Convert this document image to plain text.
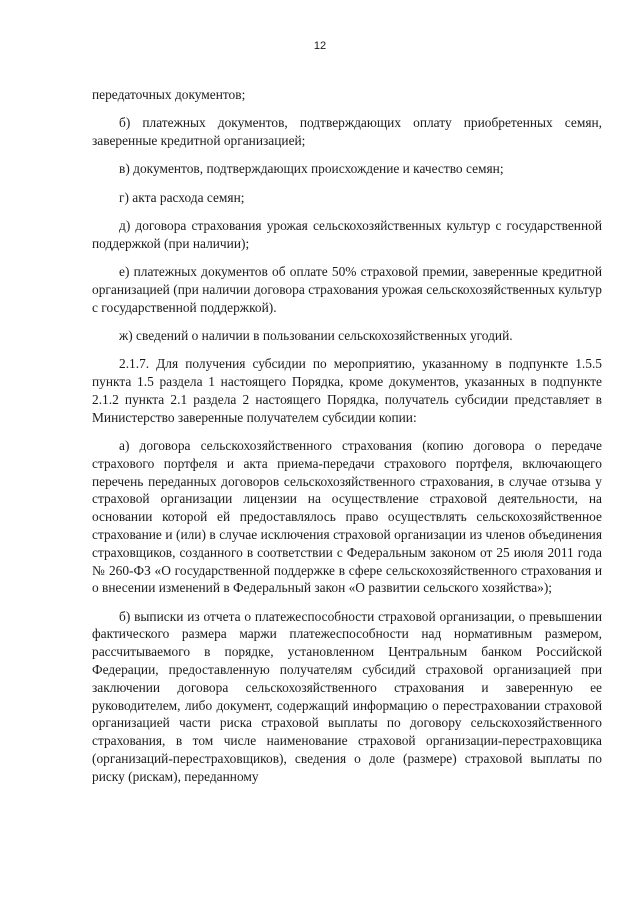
12

передаточных документов;

б) платежных документов, подтверждающих оплату приобретенных семян, заверенные кредитной организацией;

в) документов, подтверждающих происхождение и качество семян;

г) акта расхода семян;

д) договора страхования урожая сельскохозяйственных культур с государственной поддержкой (при наличии);

е) платежных документов об оплате 50% страховой премии, заверенные кредитной организацией (при наличии договора страхования урожая сельскохозяйственных культур с государственной поддержкой).

ж) сведений о наличии в пользовании сельскохозяйственных угодий.

2.1.7. Для получения субсидии по мероприятию, указанному в подпункте 1.5.5 пункта 1.5 раздела 1 настоящего Порядка, кроме документов, указанных в подпункте 2.1.2 пункта 2.1 раздела 2 настоящего Порядка, получатель субсидии представляет в Министерство заверенные получателем субсидии копии:

а) договора сельскохозяйственного страхования (копию договора о передаче страхового портфеля и акта приема-передачи страхового портфеля, включающего перечень переданных договоров сельскохозяйственного страхования, в случае отзыва у страховой организации лицензии на осуществление страховой деятельности, на основании которой ей предоставлялось право осуществлять сельскохозяйственное страхование и (или) в случае исключения страховой организации из членов объединения страховщиков, созданного в соответствии с Федеральным законом от 25 июля 2011 года № 260-ФЗ «О государственной поддержке в сфере сельскохозяйственного страхования и о внесении изменений в Федеральный закон «О развитии сельского хозяйства»);

б) выписки из отчета о платежеспособности страховой организации, о превышении фактического размера маржи платежеспособности над нормативным размером, рассчитываемого в порядке, установленном Центральным банком Российской Федерации, предоставленную получателям субсидий страховой организацией при заключении договора сельскохозяйственного страхования и заверенную ее руководителем, либо документ, содержащий информацию о перестраховании страховой организацией части риска страховой выплаты по договору сельскохозяйственного страхования, в том числе наименование страховой организации-перестраховщика (организаций-перестраховщиков), сведения о доле (размере) страховой выплаты по риску (рискам), переданному
